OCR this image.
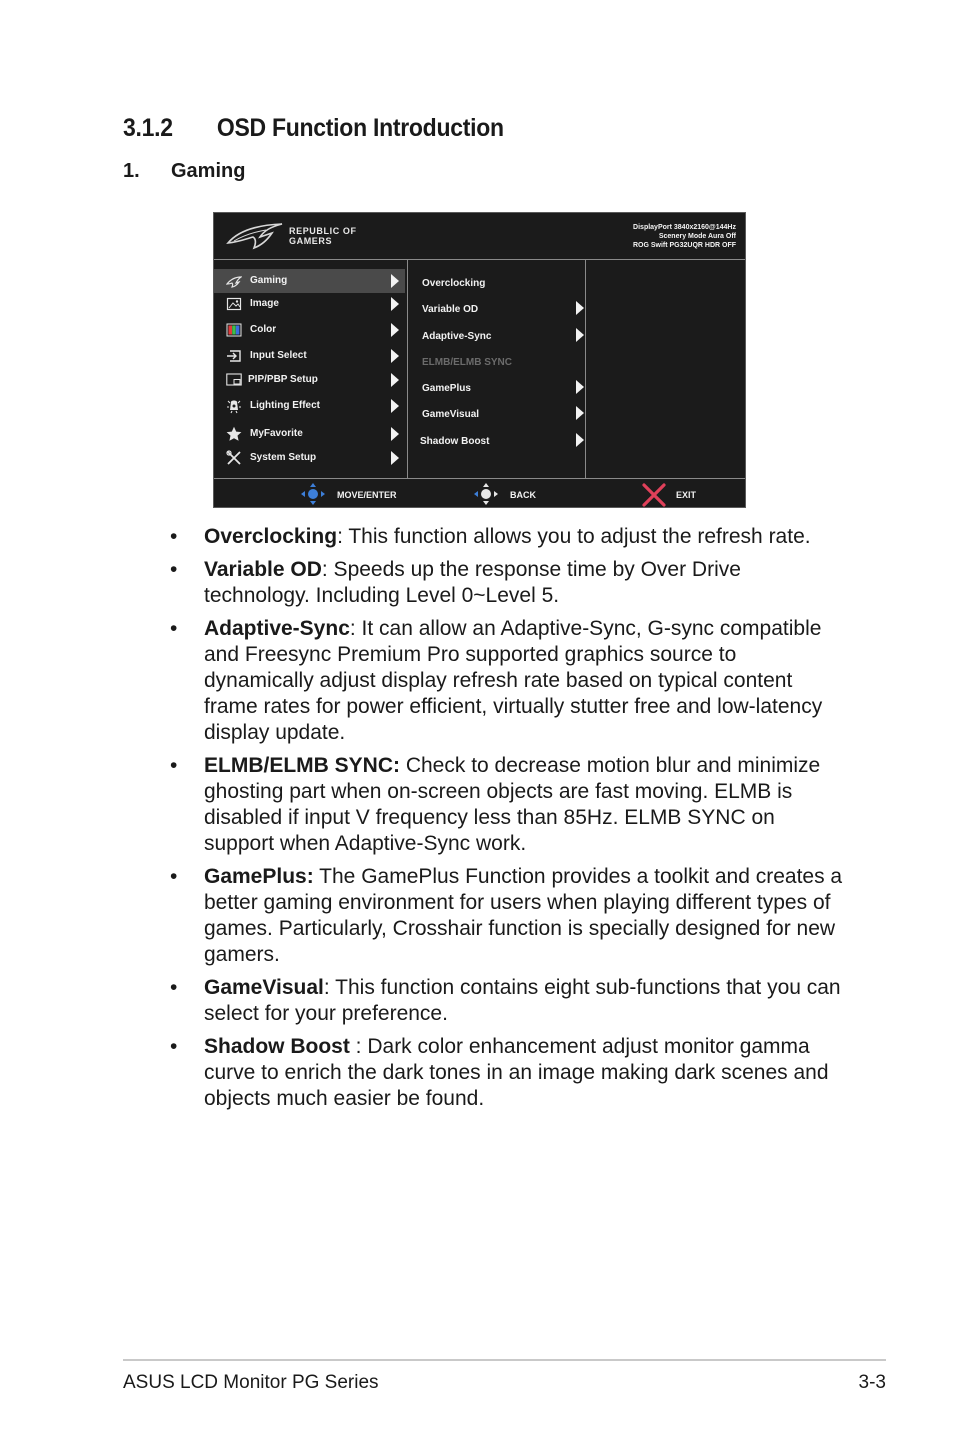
3.1.2 OSD Function Introduction
1. Gaming
REPUBLIC OF
GAMERS
DisplayPort 3840x2160@144Hz
Scenery Mode Aura Off
ROG Swift PG32UQR HDR OFF
Gaming
Image
Color
Input Select
PIP/PBP Setup
Lighting Effect
MyFavorite
System Setup
Overclocking
Variable OD
Adaptive-Sync
ELMB/ELMB SYNC
GamePlus
GameVisual
Shadow Boost
MOVE/ENTER	BACK	EXIT
• Overclocking: This function allows you to adjust the refresh rate.
• Variable OD: Speeds up the response time by Over Drive technology. Including Level 0~Level 5.
• Adaptive-Sync: It can allow an Adaptive-Sync, G-sync compatible and Freesync Premium Pro supported graphics source to dynamically adjust display refresh rate based on typical content frame rates for power efficient, virtually stutter free and low-latency display update.
• ELMB/ELMB SYNC: Check to decrease motion blur and minimize ghosting part when on-screen objects are fast moving. ELMB is disabled if input V frequency less than 85Hz. ELMB SYNC on support when Adaptive-Sync work.
• GamePlus: The GamePlus Function provides a toolkit and creates a better gaming environment for users when playing different types of games. Particularly, Crosshair function is specially designed for new gamers.
• GameVisual: This function contains eight sub-functions that you can select for your preference.
• Shadow Boost : Dark color enhancement adjust monitor gamma curve to enrich the dark tones in an image making dark scenes and objects much easier be found.
ASUS LCD Monitor PG Series	3-3
